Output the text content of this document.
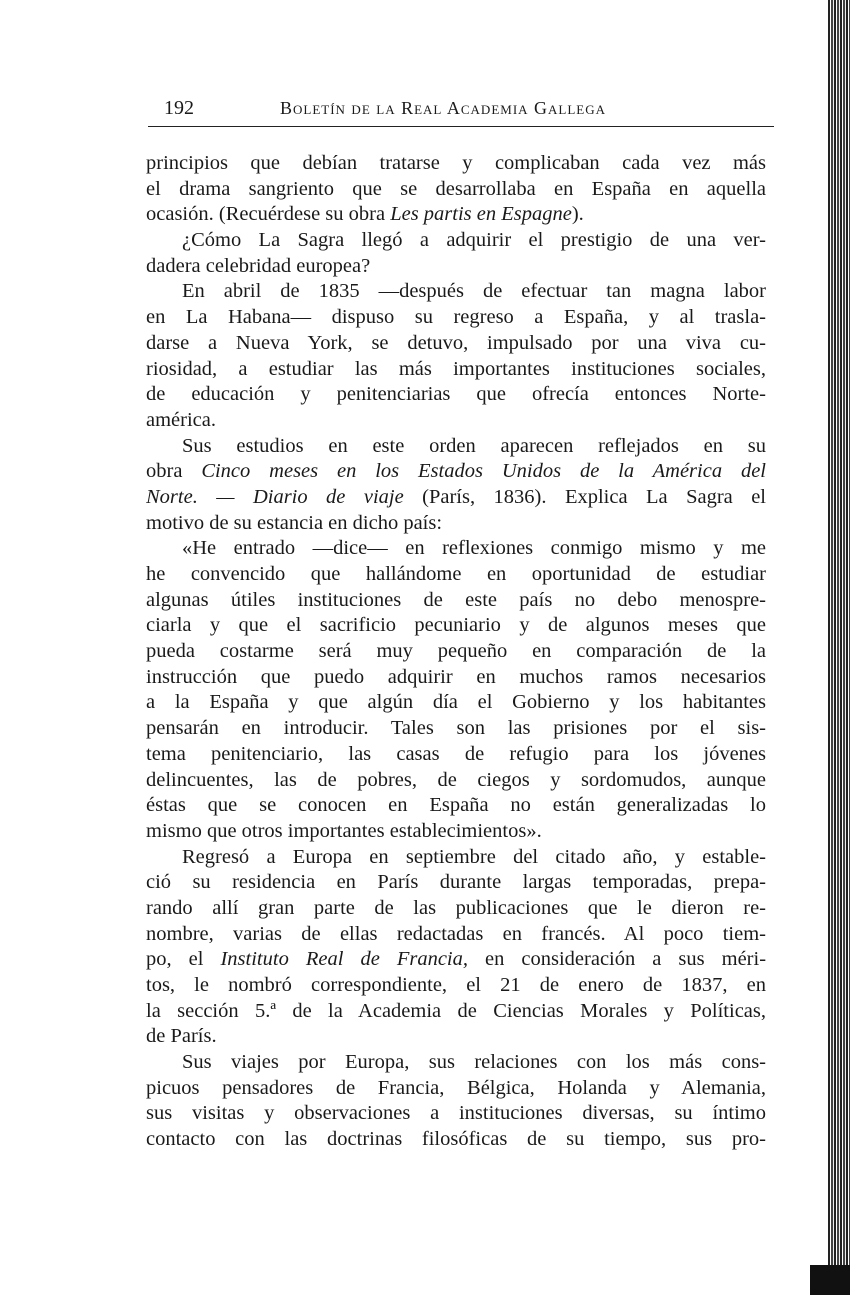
192	Boletín de la Real Academia Gallega
principios que debían tratarse y complicaban cada vez más
el drama sangriento que se desarrollaba en España en aquella
ocasión. (Recuérdese su obra Les partis en Espagne).
¿Cómo La Sagra llegó a adquirir el prestigio de una ver-
dadera celebridad europea?
En abril de 1835 —después de efectuar tan magna labor
en La Habana— dispuso su regreso a España, y al trasla-
darse a Nueva York, se detuvo, impulsado por una viva cu-
riosidad, a estudiar las más importantes instituciones sociales,
de educación y penitenciarias que ofrecía entonces Norte-
américa.
Sus estudios en este orden aparecen reflejados en su
obra Cinco meses en los Estados Unidos de la América del
Norte. — Diario de viaje (París, 1836). Explica La Sagra el
motivo de su estancia en dicho país:
«He entrado —dice— en reflexiones conmigo mismo y me
he convencido que hallándome en oportunidad de estudiar
algunas útiles instituciones de este país no debo menospre-
ciarla y que el sacrificio pecuniario y de algunos meses que
pueda costarme será muy pequeño en comparación de la
instrucción que puedo adquirir en muchos ramos necesarios
a la España y que algún día el Gobierno y los habitantes
pensarán en introducir. Tales son las prisiones por el sis-
tema penitenciario, las casas de refugio para los jóvenes
delincuentes, las de pobres, de ciegos y sordomudos, aunque
éstas que se conocen en España no están generalizadas lo
mismo que otros importantes establecimientos».
Regresó a Europa en septiembre del citado año, y estable-
ció su residencia en París durante largas temporadas, prepa-
rando allí gran parte de las publicaciones que le dieron re-
nombre, varias de ellas redactadas en francés. Al poco tiem-
po, el Instituto Real de Francia, en consideración a sus méri-
tos, le nombró correspondiente, el 21 de enero de 1837, en
la sección 5.ª de la Academia de Ciencias Morales y Políticas,
de París.
Sus viajes por Europa, sus relaciones con los más cons-
picuos pensadores de Francia, Bélgica, Holanda y Alemania,
sus visitas y observaciones a instituciones diversas, su íntimo
contacto con las doctrinas filosóficas de su tiempo, sus pro-
